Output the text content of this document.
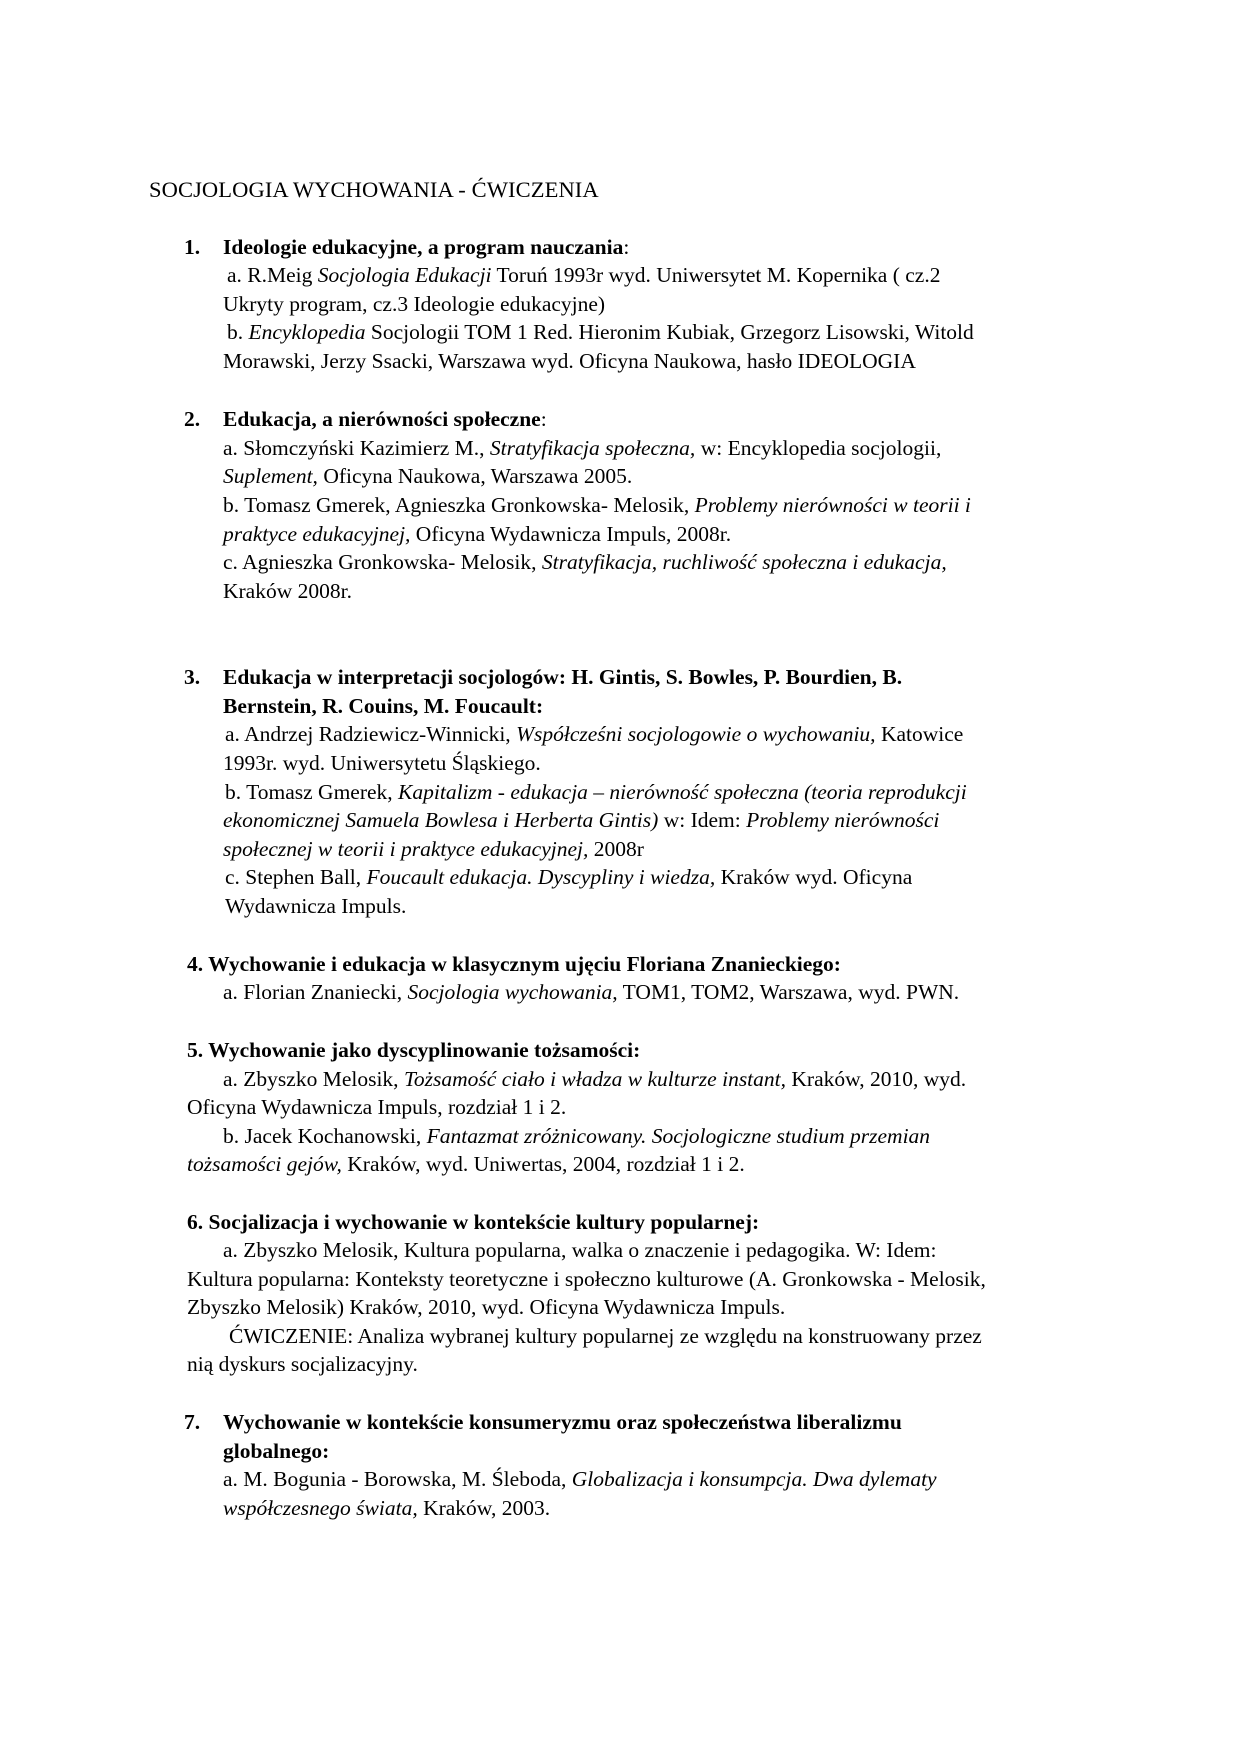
SOCJOLOGIA WYCHOWANIA - ĆWICZENIA
1. Ideologie edukacyjne, a program nauczania:
a. R.Meig Socjologia Edukacji Toruń 1993r wyd. Uniwersytet M. Kopernika ( cz.2
Ukryty program, cz.3 Ideologie edukacyjne)
b. Encyklopedia Socjologii TOM 1 Red. Hieronim Kubiak, Grzegorz Lisowski, Witold
Morawski, Jerzy Ssacki, Warszawa wyd. Oficyna Naukowa, hasło IDEOLOGIA
2. Edukacja, a nierówności społeczne:
a. Słomczyński Kazimierz M., Stratyfikacja społeczna, w: Encyklopedia socjologii,
Suplement, Oficyna Naukowa, Warszawa 2005.
b. Tomasz Gmerek, Agnieszka Gronkowska- Melosik, Problemy nierówności w teorii i
praktyce edukacyjnej, Oficyna Wydawnicza Impuls, 2008r.
c. Agnieszka Gronkowska- Melosik, Stratyfikacja, ruchliwość społeczna i edukacja,
Kraków 2008r.
3. Edukacja w interpretacji socjologów: H. Gintis, S. Bowles, P. Bourdien, B.
Bernstein, R. Couins, M. Foucault:
a. Andrzej Radziewicz-Winnicki, Współcześni socjologowie o wychowaniu, Katowice
1993r. wyd. Uniwersytetu Śląskiego.
b. Tomasz Gmerek, Kapitalizm - edukacja – nierówność społeczna (teoria reprodukcji
ekonomicznej Samuela Bowlesa i Herberta Gintis) w: Idem: Problemy nierówności
społecznej w teorii i praktyce edukacyjnej, 2008r
c. Stephen Ball, Foucault edukacja. Dyscypliny i wiedza, Kraków wyd. Oficyna
Wydawnicza Impuls.
4. Wychowanie i edukacja w klasycznym ujęciu Floriana Znanieckiego:
a. Florian Znaniecki, Socjologia wychowania, TOM1, TOM2, Warszawa, wyd. PWN.
5. Wychowanie jako dyscyplinowanie tożsamości:
a. Zbyszko Melosik, Tożsamość ciało i władza w kulturze instant, Kraków, 2010, wyd.
Oficyna Wydawnicza Impuls, rozdział 1 i 2.
b. Jacek Kochanowski, Fantazmat zróżnicowany. Socjologiczne studium przemian
tożsamości gejów, Kraków, wyd. Uniwertas, 2004, rozdział 1 i 2.
6. Socjalizacja i wychowanie w kontekście kultury popularnej:
a. Zbyszko Melosik, Kultura popularna, walka o znaczenie i pedagogika. W: Idem:
Kultura popularna: Konteksty teoretyczne i społeczno kulturowe (A. Gronkowska - Melosik,
Zbyszko Melosik) Kraków, 2010, wyd. Oficyna Wydawnicza Impuls.
ĆWICZENIE: Analiza wybranej kultury popularnej ze względu na konstruowany przez
nią dyskurs socjalizacyjny.
7. Wychowanie w kontekście konsumeryzmu oraz społeczeństwa liberalizmu
globalnego:
a. M. Bogunia - Borowska, M. Śleboda, Globalizacja i konsumpcja. Dwa dylematy
współczesnego świata, Kraków, 2003.
